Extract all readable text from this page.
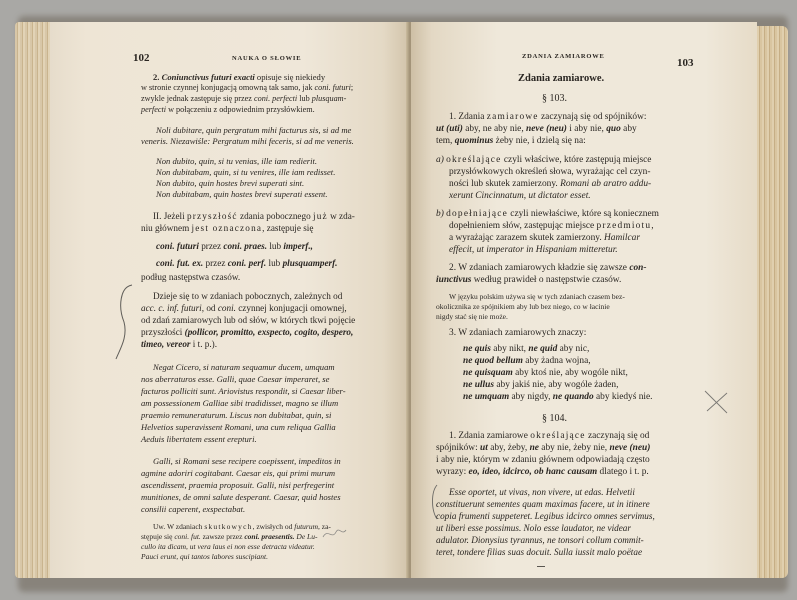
102	NAUKA O SŁOWIE
2. Coniunctivus futuri exacti opisuje się niekiedy
w stronie czynnej konjugacją omowną tak samo, jak coni. futuri;
zwykle jednak zastępuje się przez coni. perfecti lub plusquam-
perfecti w połączeniu z odpowiednim przysłówkiem.
Noli dubitare, quin pergratum mihi facturus sis, si ad me
veneris. Niezawiśle: Pergratum mihi feceris, si ad me veneris.
Non dubito, quin, si tu venias, ille iam redierit.
Non dubitabam, quin, si tu venires, ille iam redisset.
Non dubito, quin hostes brevi superati sint.
Non dubitabam, quin hostes brevi superati essent.
II. Jeżeli przyszłość zdania pobocznego już w zda-
niu głównem jest oznaczona, zastępuje się
coni. futuri przez coni. praes. lub imperf.,
coni. fut. ex. przez coni. perf. lub plusquamperf.
podług następstwa czasów.
Dzieje się to w zdaniach pobocznych, zależnych od
acc. c. inf. futuri, od coni. czynnej konjugacji omownej,
od zdań zamiarowych lub od słów, w których tkwi pojęcie
przyszłości (pollicor, promitto, exspecto, cogito, despero,
timeo, vereor i t. p.).
Negat Cicero, si naturam sequamur ducem, umquam
nos aberraturos esse. Galli, quae Caesar imperaret, se
facturos polliciti sunt. Ariovistus respondit, si Caesar liber-
am possessionem Galliae sibi tradidisset, magno se illum
praemio remuneraturum. Liscus non dubitabat, quin, si
Helvetios superavissent Romani, una cum reliqua Gallia
Aeduis libertatem essent erepturi.
Galli, si Romani sese recipere coepissent, impeditos in
agmine adoriri cogitabant. Caesar eis, qui primi murum
ascendissent, praemia proposuit. Galli, nisi perfregerint
munitiones, de omni salute desperant. Caesar, quid hostes
consilii caperent, exspectabat.
Uw. W zdaniach skutkowych, zwisłych od futurum, za-
stępuje się coni. fut. zawsze przez coni. praesentis. De Lu-
cullo ita dicam, ut vera laus ei non esse detracta videatur.
Pauci erunt, qui tantos labores suscipiant.
ZDANIA ZAMIAROWE
103
Zdania zamiarowe.
§ 103.
1. Zdania zamiarowe zaczynają się od spójników:
ut (uti) aby, ne aby nie, neve (neu) i aby nie, quo aby
tem, quominus żeby nie, i dzielą się na:
a) określające czyli właściwe, które zastępują miejsce
przysłówkowych określeń słowa, wyrażając cel czyn-
ności lub skutek zamierzony. Romani ab aratro addu-
xerunt Cincinnatum, ut dictator esset.
b) dopełniające czyli niewłaściwe, które są koniecznem
dopełnieniem słów, zastępując miejsce przedmiotu,
a wyrażając zarazem skutek zamierzony. Hamilcar
effecit, ut imperator in Hispaniam mitteretur.
2. W zdaniach zamiarowych kładzie się zawsze con-
iunctivus według prawideł o następstwie czasów.
W języku polskim używa się w tych zdaniach czasem bez-
okolicznika ze spójnikiem aby lub bez niego, co w łacinie
nigdy stać się nie może.
3. W zdaniach zamiarowych znaczy:
ne quis aby nikt, ne quid aby nic,
ne quod bellum aby żadna wojna,
ne quisquam aby ktoś nie, aby wogóle nikt,
ne ullus aby jakiś nie, aby wogóle żaden,
ne umquam aby nigdy, ne quando aby kiedyś nie.
§ 104.
1. Zdania zamiarowe określające zaczynają się od
spójników: ut aby, żeby, ne aby nie, żeby nie, neve (neu)
i aby nie, którym w zdaniu głównem odpowiadają często
wyrazy: eo, ideo, idcirco, ob hanc causam dlatego i t. p.
Esse oportet, ut vivas, non vivere, ut edas. Helvetii
constituerunt sementes quam maximas facere, ut in itinere
copia frumenti suppeteret. Legibus idcirco omnes servimus,
ut liberi esse possimus. Nolo esse laudator, ne videar
adulator. Dionysius tyrannus, ne tonsori collum commit-
teret, tondere filias suas docuit. Sulla iussit malo poëtae
